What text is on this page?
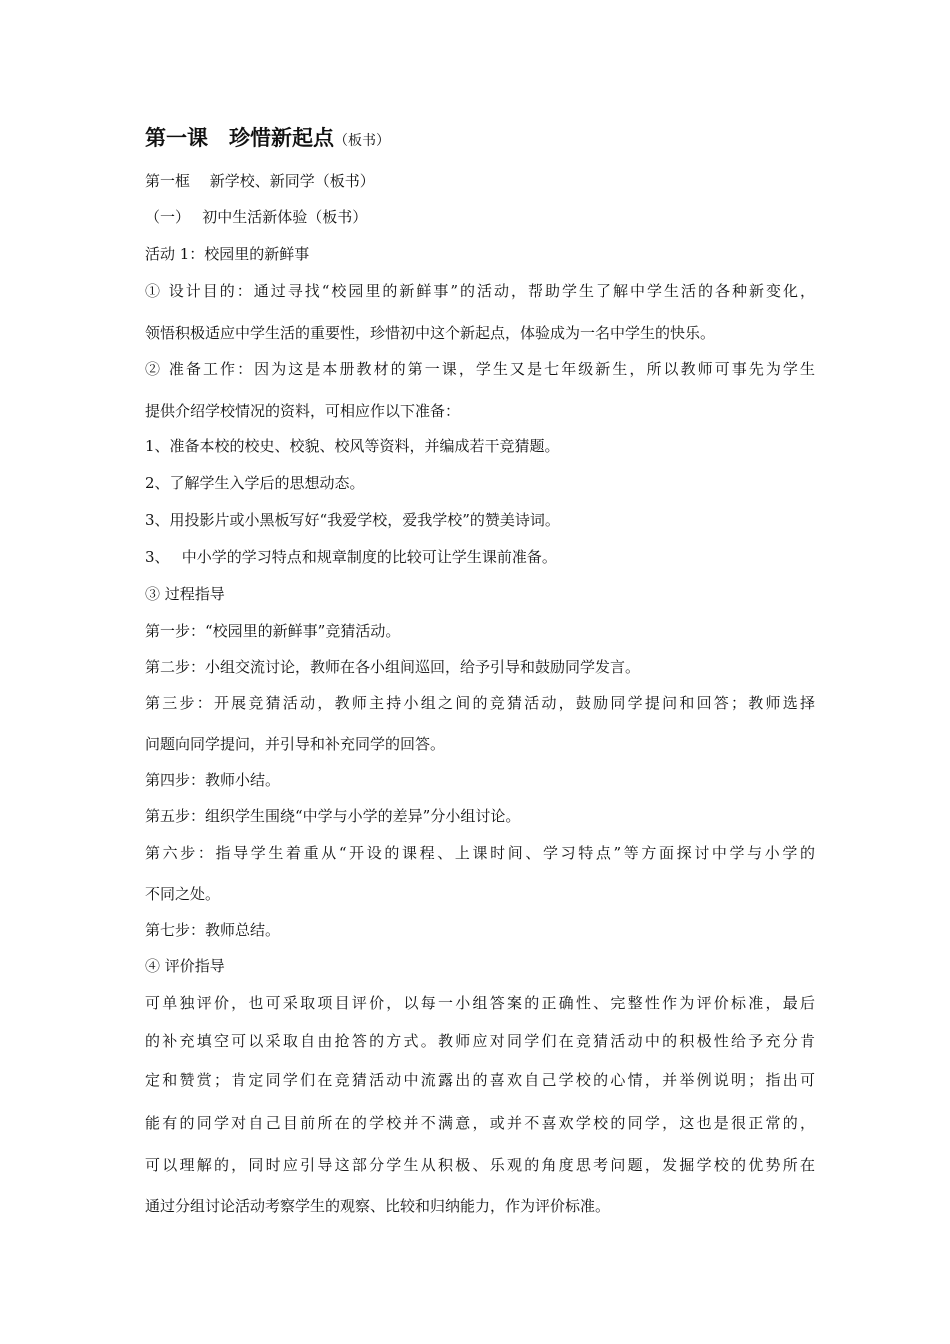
第一课　珍惜新起点（板书）
第一框　 新学校、新同学（板书）
（一）　 初中生活新体验（板书）
活动 1：校园里的新鲜事
① 设计目的：通过寻找“校园里的新鲜事”的活动，帮助学生了解中学生活的各种新变化，
领悟积极适应中学生活的重要性，珍惜初中这个新起点，体验成为一名中学生的快乐。
② 准备工作：因为这是本册教材的第一课，学生又是七年级新生，所以教师可事先为学生
提供介绍学校情况的资料，可相应作以下准备：
1、准备本校的校史、校貌、校风等资料，并编成若干竞猜题。
2、了解学生入学后的思想动态。
3、用投影片或小黑板写好“我爱学校，爱我学校”的赞美诗词。
3、　 中小学的学习特点和规章制度的比较可让学生课前准备。
③ 过程指导
第一步：“校园里的新鲜事”竞猜活动。
第二步：小组交流讨论，教师在各小组间巡回，给予引导和鼓励同学发言。
第三步：开展竞猜活动，教师主持小组之间的竞猜活动，鼓励同学提问和回答；教师选择
问题向同学提问，并引导和补充同学的回答。
第四步：教师小结。
第五步：组织学生围绕“中学与小学的差异”分小组讨论。
第六步：指导学生着重从“开设的课程、上课时间、学习特点”等方面探讨中学与小学的
不同之处。
第七步：教师总结。
④ 评价指导
可单独评价，也可采取项目评价，以每一小组答案的正确性、完整性作为评价标准，最后
的补充填空可以采取自由抢答的方式。教师应对同学们在竞猜活动中的积极性给予充分肯
定和赞赏；肯定同学们在竞猜活动中流露出的喜欢自己学校的心情，并举例说明；指出可
能有的同学对自己目前所在的学校并不满意，或并不喜欢学校的同学，这也是很正常的，
可以理解的，同时应引导这部分学生从积极、乐观的角度思考问题，发掘学校的优势所在
通过分组讨论活动考察学生的观察、比较和归纳能力，作为评价标准。
